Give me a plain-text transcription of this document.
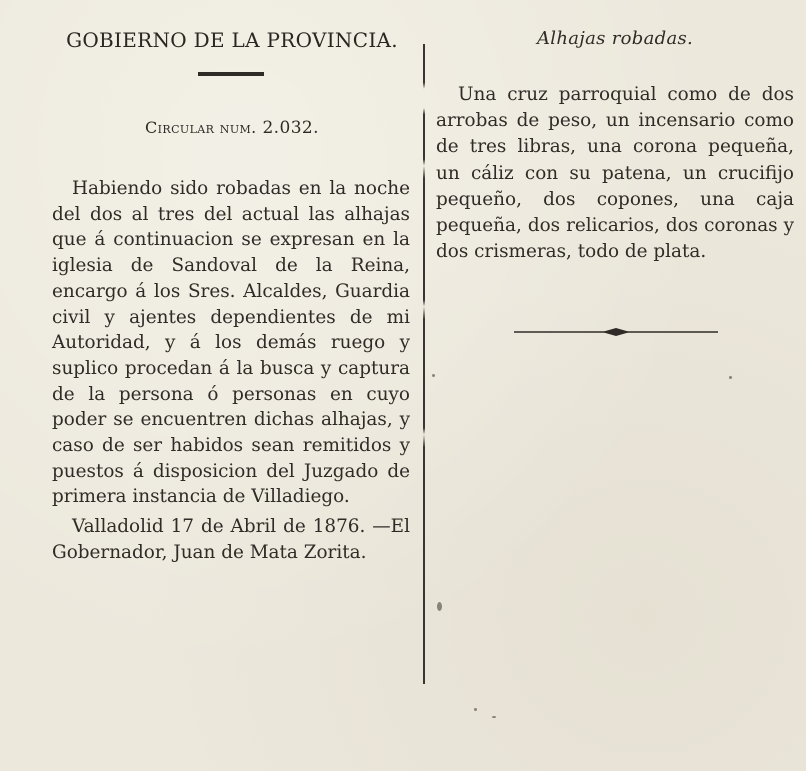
GOBIERNO DE LA PROVINCIA.
Circular num. 2.032.

Habiendo sido robadas en la noche del dos al tres del actual las alhajas que á continuacion se expresan en la iglesia de Sandoval de la Reina, encargo á los Sres. Alcaldes, Guardia civil y ajentes dependientes de mi Autoridad, y á los demás ruego y suplico procedan á la busca y captura de la persona ó personas en cuyo poder se encuentren dichas alhajas, y caso de ser habidos sean remitidos y puestos á disposicion del Juzgado de primera instancia de Villadiego.

Valladolid 17 de Abril de 1876. —El Gobernador, Juan de Mata Zorita.

Alhajas robadas.

Una cruz parroquial como de dos arrobas de peso, un incensario como de tres libras, una corona pequeña, un cáliz con su patena, un crucifijo pequeño, dos copones, una caja pequeña, dos relicarios, dos coronas y dos crismeras, todo de plata.
